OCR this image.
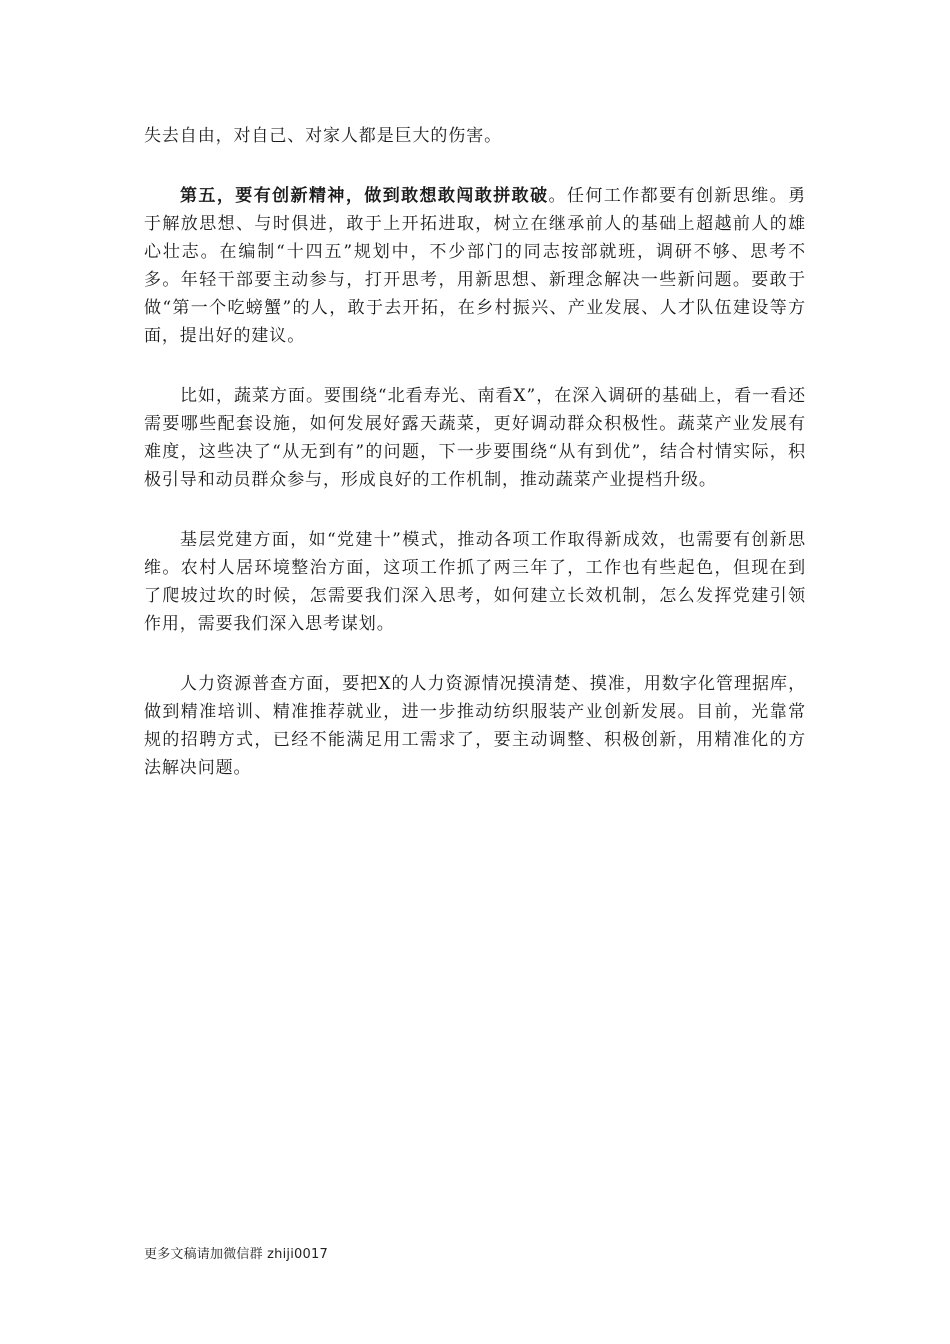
失去自由，对自己、对家人都是巨大的伤害。

第五，要有创新精神，做到敢想敢闯敢拼敢破。任何工作都要有创新思维。勇于解放思想、与时俱进，敢于上开拓进取，树立在继承前人的基础上超越前人的雄心壮志。在编制“十四五”规划中，不少部门的同志按部就班，调研不够、思考不多。年轻干部要主动参与，打开思考，用新思想、新理念解决一些新问题。要敢于做“第一个吃螃蟹”的人，敢于去开拓，在乡村振兴、产业发展、人才队伍建设等方面，提出好的建议。

比如，蔬菜方面。要围绕“北看寿光、南看X”，在深入调研的基础上，看一看还需要哪些配套设施，如何发展好露天蔬菜，更好调动群众积极性。蔬菜产业发展有难度，这些决了“从无到有”的问题，下一步要围绕“从有到优”，结合村情实际，积极引导和动员群众参与，形成良好的工作机制，推动蔬菜产业提档升级。

基层党建方面，如“党建十”模式，推动各项工作取得新成效，也需要有创新思维。农村人居环境整治方面，这项工作抓了两三年了，工作也有些起色，但现在到了爬坡过坎的时候，怎需要我们深入思考，如何建立长效机制，怎么发挥党建引领作用，需要我们深入思考谋划。

人力资源普查方面，要把X的人力资源情况摸清楚、摸准，用数字化管理据库，做到精准培训、精准推荐就业，进一步推动纺织服装产业创新发展。目前，光靠常规的招聘方式，已经不能满足用工需求了，要主动调整、积极创新，用精准化的方法解决问题。

更多文稿请加微信群 zhiji0017
